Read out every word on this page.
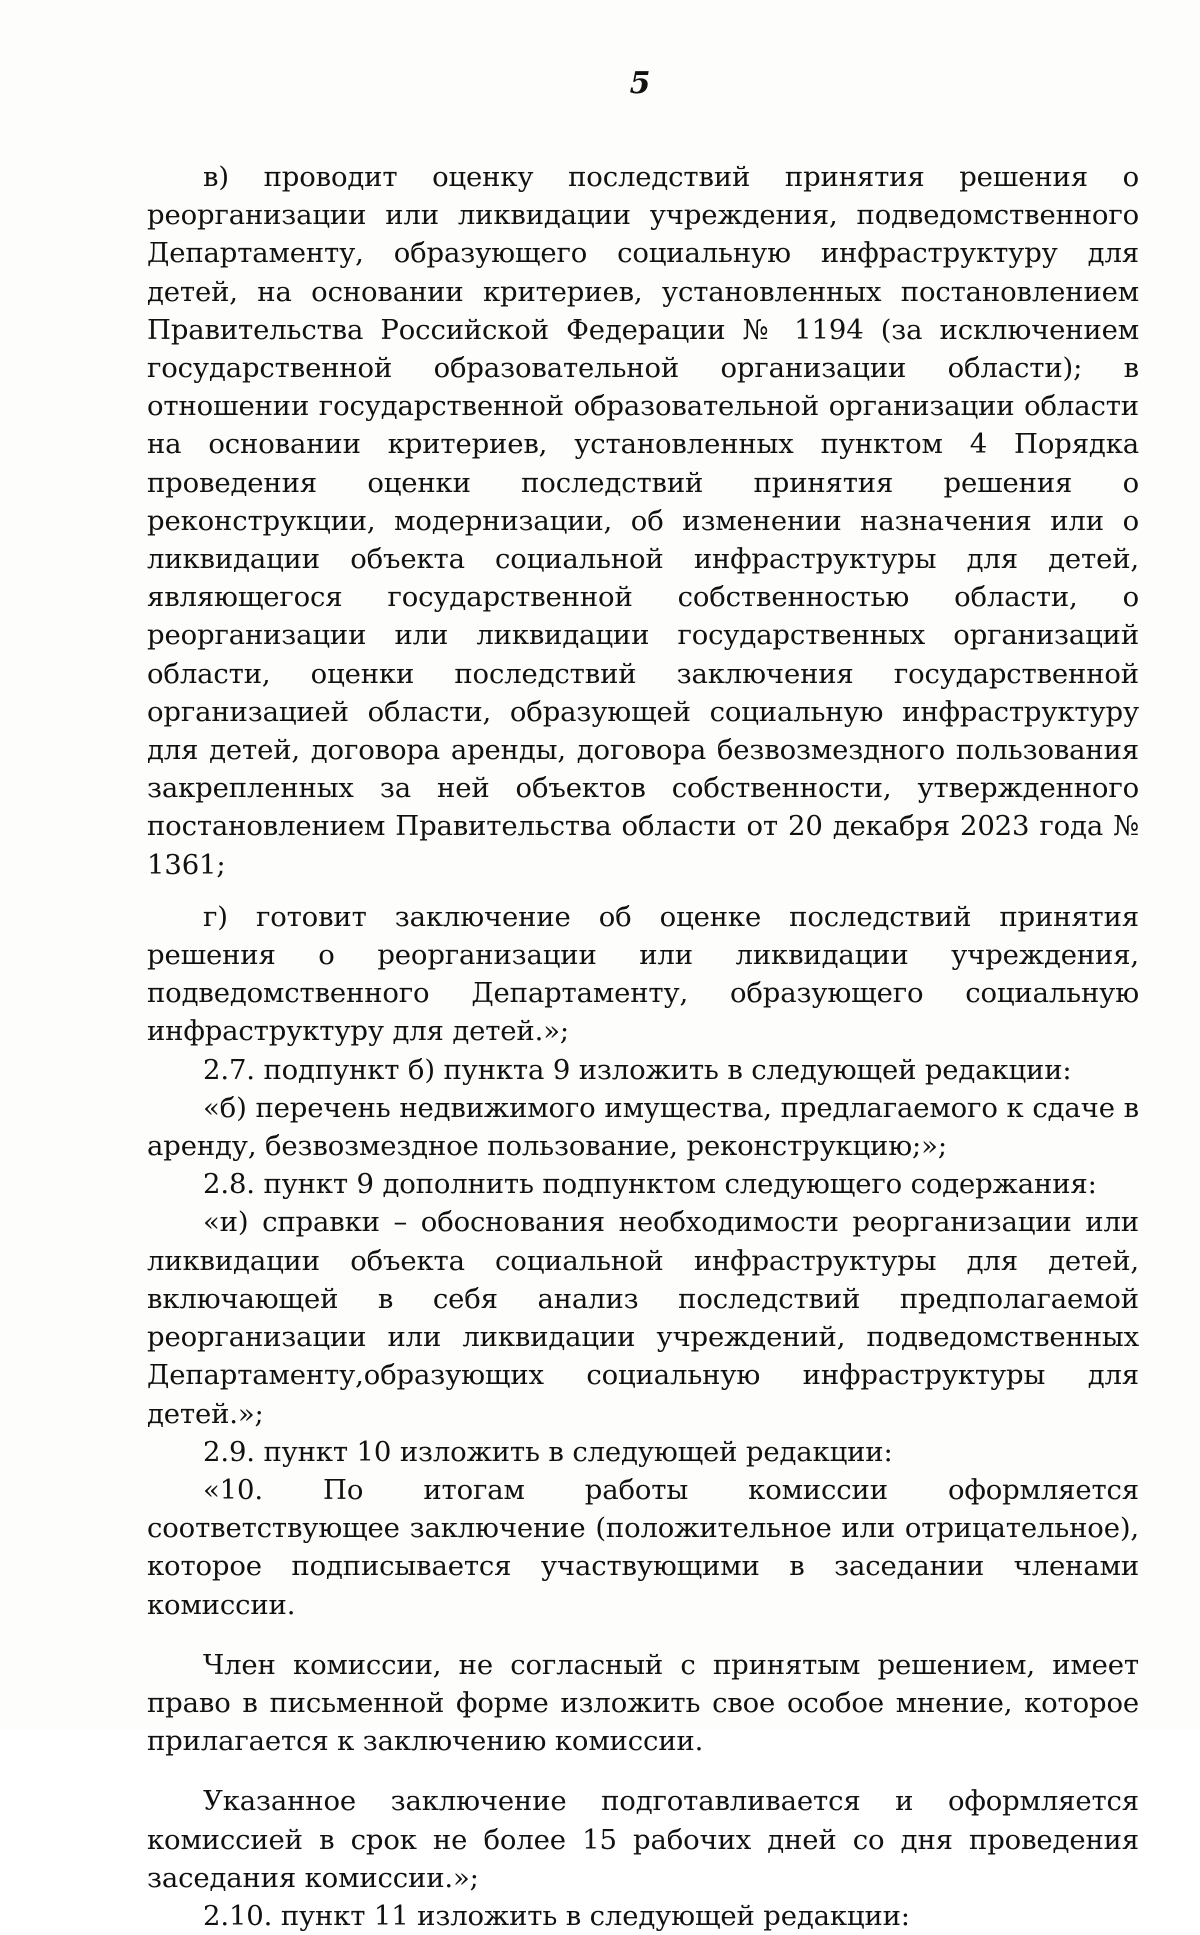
5

в) проводит оценку последствий принятия решения о реорганизации или ликвидации учреждения, подведомственного Департаменту, образующего социальную инфраструктуру для детей, на основании критериев, установленных постановлением Правительства Российской Федерации № 1194 (за исключением государственной образовательной организации области); в отношении государственной образовательной организации области на основании критериев, установленных пунктом 4 Порядка проведения оценки последствий принятия решения о реконструкции, модернизации, об изменении назначения или о ликвидации объекта социальной инфраструктуры для детей, являющегося государственной собственностью области, о реорганизации или ликвидации государственных организаций области, оценки последствий заключения государственной организацией области, образующей социальную инфраструктуру для детей, договора аренды, договора безвозмездного пользования закрепленных за ней объектов собственности, утвержденного постановлением Правительства области от 20 декабря 2023 года № 1361;

г) готовит заключение об оценке последствий принятия решения о реорганизации или ликвидации учреждения, подведомственного Департаменту, образующего социальную инфраструктуру для детей.»;

2.7. подпункт б) пункта 9 изложить в следующей редакции:

«б) перечень недвижимого имущества, предлагаемого к сдаче в аренду, безвозмездное пользование, реконструкцию;»;

2.8. пункт 9 дополнить подпунктом следующего содержания:

«и) справки – обоснования необходимости реорганизации или ликвидации объекта социальной инфраструктуры для детей, включающей в себя анализ последствий предполагаемой реорганизации или ликвидации учреждений, подведомственных Департаменту,образующих социальную инфраструктуры для детей.»;

2.9. пункт 10 изложить в следующей редакции:

«10. По итогам работы комиссии оформляется соответствующее заключение (положительное или отрицательное), которое подписывается участвующими в заседании членами комиссии.

Член комиссии, не согласный с принятым решением, имеет право в письменной форме изложить свое особое мнение, которое прилагается к заключению комиссии.

Указанное заключение подготавливается и оформляется комиссией в срок не более 15 рабочих дней со дня проведения заседания комиссии.»;

2.10. пункт 11 изложить в следующей редакции:
